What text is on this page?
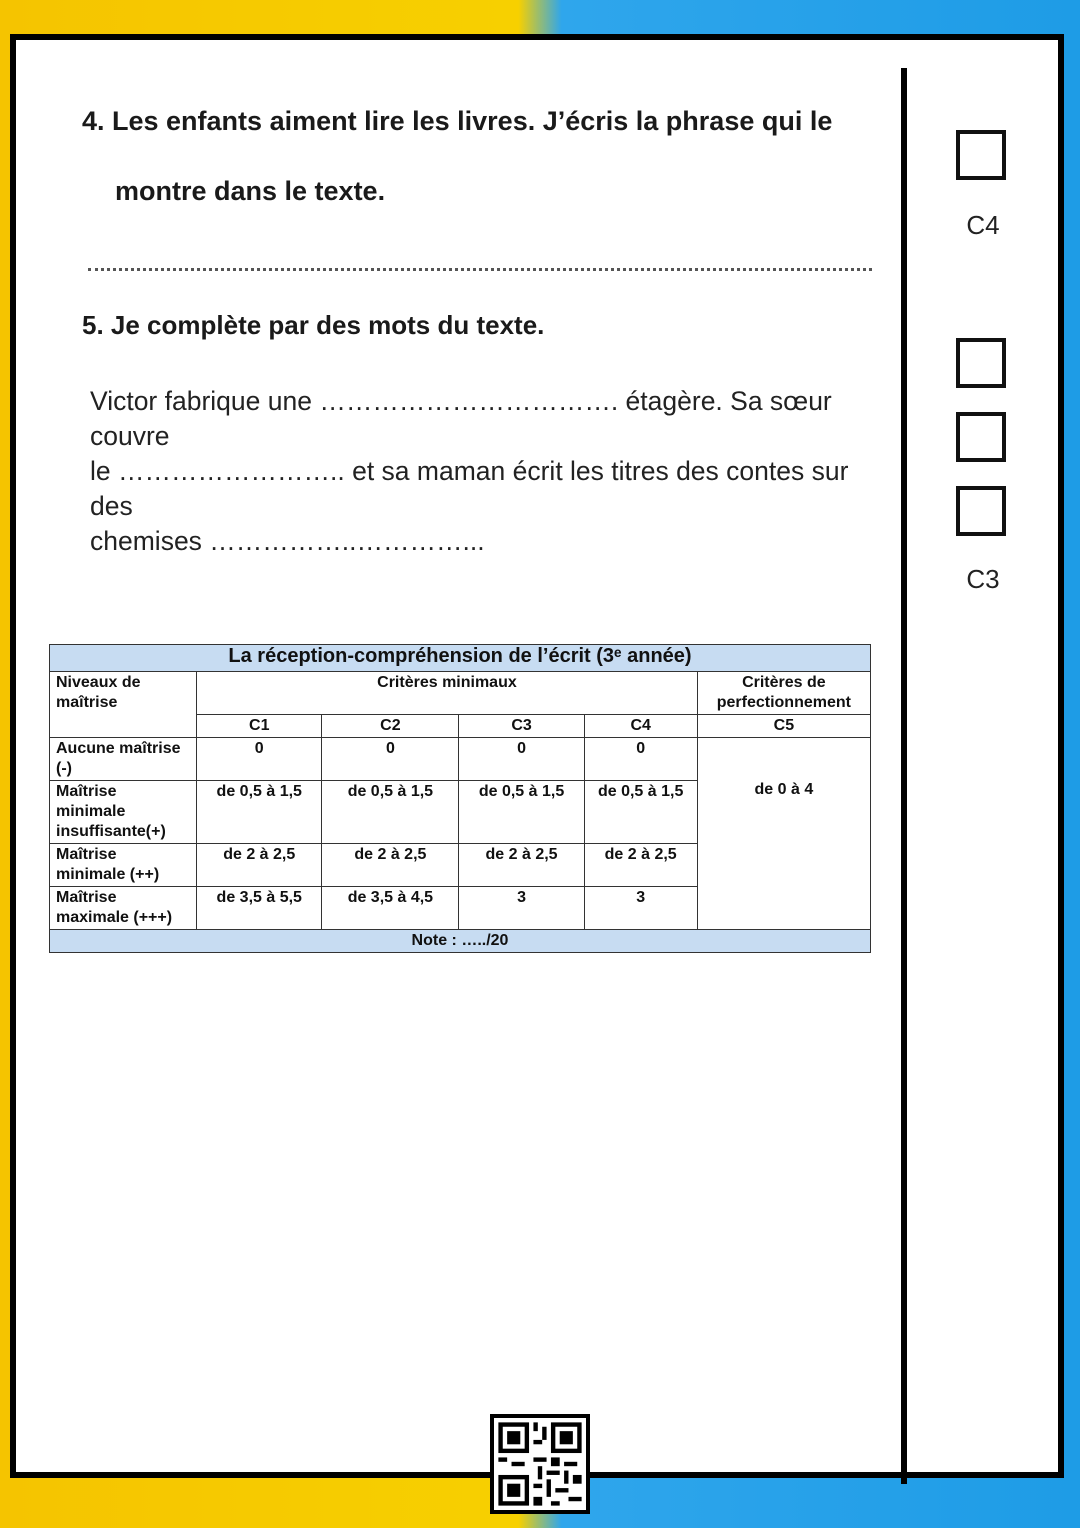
4. Les enfants aiment lire les livres. J’écris la phrase qui le
montre dans le texte.
5. Je complète par des mots du texte.
Victor fabrique une ……………………………. étagère. Sa sœur couvre
le …………………….. et sa maman écrit les titres des contes sur des
chemises ……………..…………...
C4
C3
La réception-compréhension de l’écrit (3ᵉ année)					
Niveaux de maîtrise	Critères minimaux				Critères de perfectionnement
	C1	C2	C3	C4	C5
Aucune maîtrise (-)	0	0	0	0	de 0 à 4
Maîtrise minimale insuffisante(+)	de 0,5 à 1,5	de 0,5 à 1,5	de 0,5 à 1,5	de 0,5 à 1,5	
Maîtrise minimale (++)	de 2 à 2,5	de 2 à 2,5	de 2 à 2,5	de 2 à 2,5	
Maîtrise maximale (+++)	de 3,5 à 5,5	de 3,5 à 4,5	3	3	
Note : …../20					
